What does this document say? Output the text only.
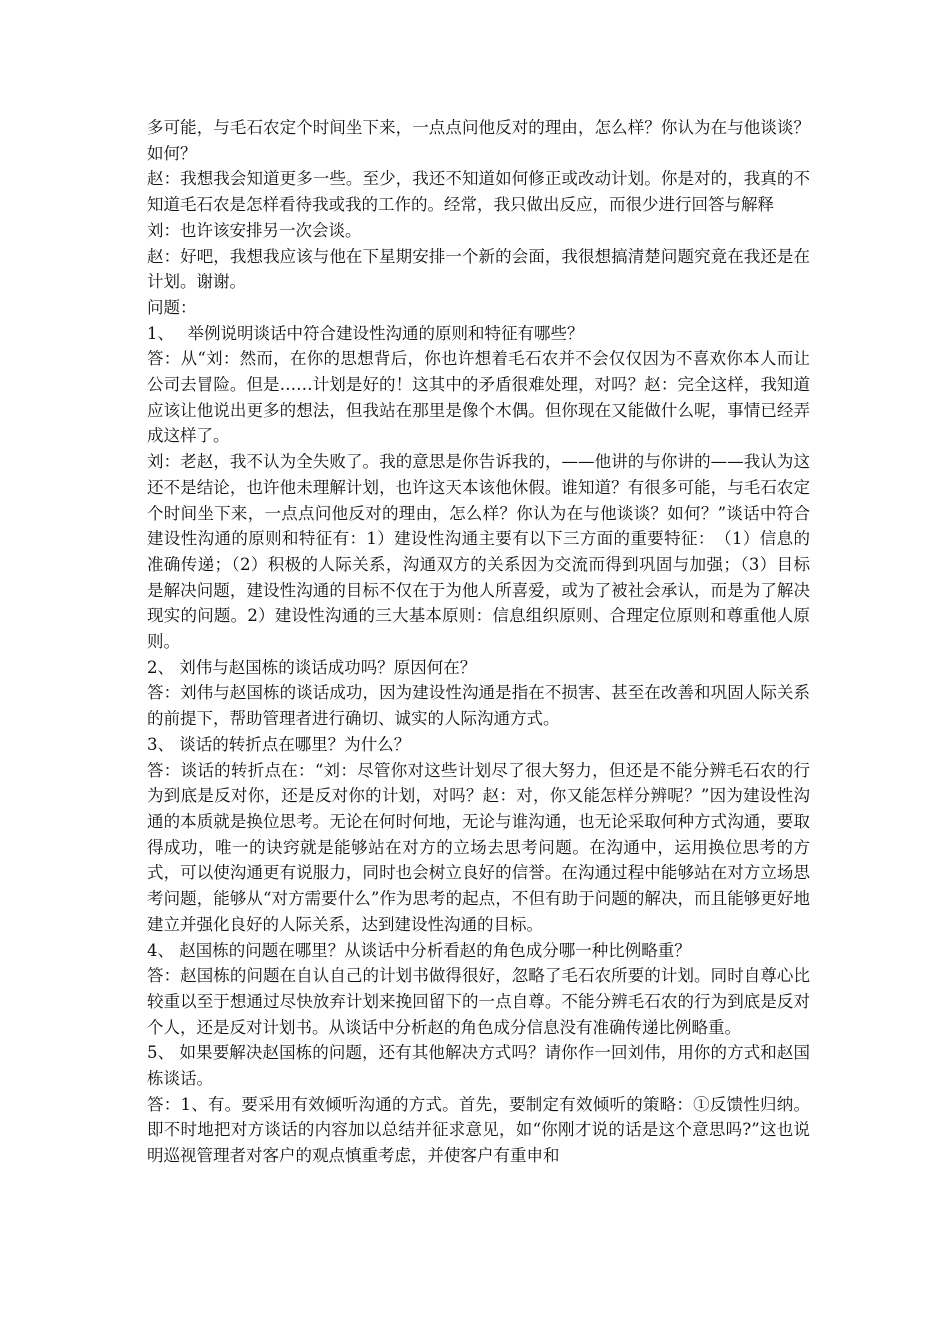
多可能，与毛石农定个时间坐下来，一点点问他反对的理由，怎么样？你认为在与他谈谈？如何？

赵：我想我会知道更多一些。至少，我还不知道如何修正或改动计划。你是对的，我真的不知道毛石农是怎样看待我或我的工作的。经常，我只做出反应，而很少进行回答与解释

刘：也许该安排另一次会谈。

赵：好吧，我想我应该与他在下星期安排一个新的会面，我很想搞清楚问题究竟在我还是在计划。谢谢。

问题：

1、　 举例说明谈话中符合建设性沟通的原则和特征有哪些？

答：从“刘：然而，在你的思想背后，你也许想着毛石农并不会仅仅因为不喜欢你本人而让公司去冒险。但是……计划是好的！这其中的矛盾很难处理，对吗？赵：完全这样，我知道应该让他说出更多的想法，但我站在那里是像个木偶。但你现在又能做什么呢，事情已经弄成这样了。

刘：老赵，我不认为全失败了。我的意思是你告诉我的，——他讲的与你讲的——我认为这还不是结论，也许他未理解计划，也许这天本该他休假。谁知道？有很多可能，与毛石农定个时间坐下来，一点点问他反对的理由，怎么样？你认为在与他谈谈？如何？”谈话中符合建设性沟通的原则和特征有：1）建设性沟通主要有以下三方面的重要特征：　（1）信息的准确传递；（2）积极的人际关系，沟通双方的关系因为交流而得到巩固与加强；（3）目标是解决问题，建设性沟通的目标不仅在于为他人所喜爱，或为了被社会承认，而是为了解决现实的问题。2）建设性沟通的三大基本原则：信息组织原则、合理定位原则和尊重他人原则。

2、 刘伟与赵国栋的谈话成功吗？原因何在？

答：刘伟与赵国栋的谈话成功，因为建设性沟通是指在不损害、甚至在改善和巩固人际关系的前提下，帮助管理者进行确切、诚实的人际沟通方式。

3、 谈话的转折点在哪里？为什么？

答：谈话的转折点在：“刘：尽管你对这些计划尽了很大努力，但还是不能分辨毛石农的行为到底是反对你，还是反对你的计划，对吗？赵：对，你又能怎样分辨呢？”因为建设性沟通的本质就是换位思考。无论在何时何地，无论与谁沟通，也无论采取何种方式沟通，要取得成功，唯一的诀窍就是能够站在对方的立场去思考问题。在沟通中，运用换位思考的方式，可以使沟通更有说服力，同时也会树立良好的信誉。在沟通过程中能够站在对方立场思考问题，能够从“对方需要什么”作为思考的起点，不但有助于问题的解决，而且能够更好地建立并强化良好的人际关系，达到建设性沟通的目标。

4、 赵国栋的问题在哪里？从谈话中分析看赵的角色成分哪一种比例略重？

答：赵国栋的问题在自认自己的计划书做得很好，忽略了毛石农所要的计划。同时自尊心比较重以至于想通过尽快放弃计划来挽回留下的一点自尊。不能分辨毛石农的行为到底是反对个人，还是反对计划书。从谈话中分析赵的角色成分信息没有准确传递比例略重。

5、 如果要解决赵国栋的问题，还有其他解决方式吗？请你作一回刘伟，用你的方式和赵国栋谈话。

答：1、有。要采用有效倾听沟通的方式。首先，要制定有效倾听的策略：①反馈性归纳。即不时地把对方谈话的内容加以总结并征求意见，如“你刚才说的话是这个意思吗?”这也说明巡视管理者对客户的观点慎重考虑，并使客户有重申和
